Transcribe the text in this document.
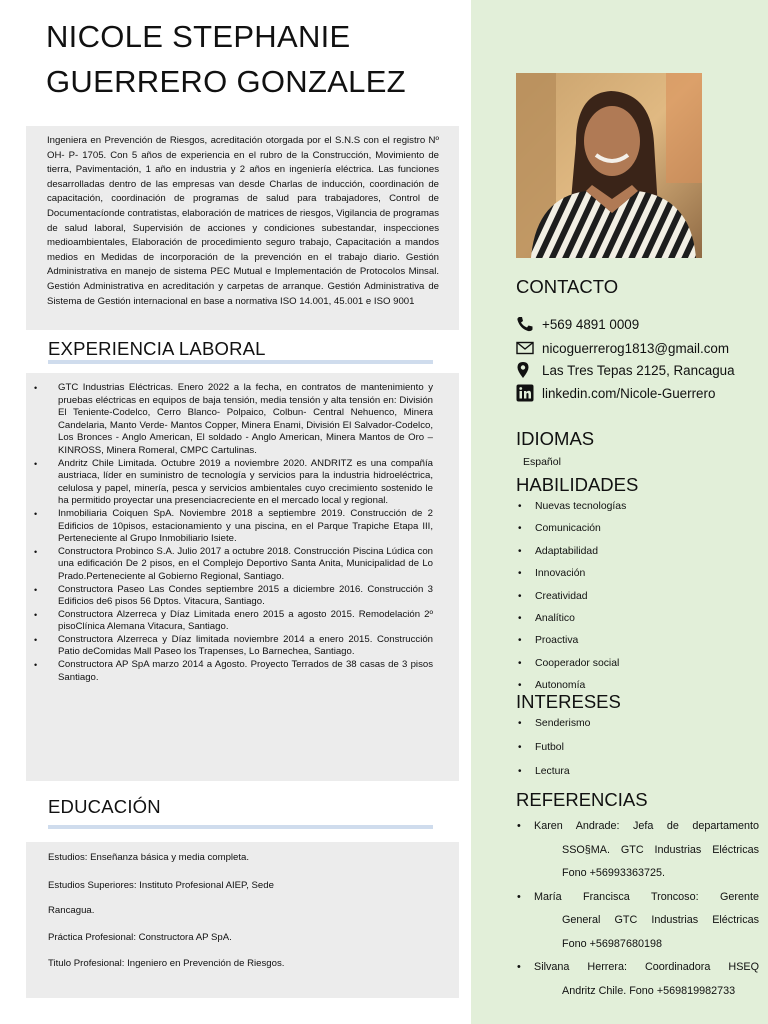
NICOLE STEPHANIE
GUERRERO GONZALEZ

Ingeniera en Prevención de Riesgos, acreditación otorgada por el S.N.S con el registro Nº OH- P- 1705. Con 5 años de experiencia en el rubro de la Construcción, Movimiento de tierra, Pavimentación, 1 año en industria y 2 años en ingeniería eléctrica. Las funciones desarrolladas dentro de las empresas van desde Charlas de inducción, coordinación de capacitación, coordinación de programas de salud para trabajadores, Control de Documentacíonde contratistas, elaboración de matrices de riesgos, Vigilancia de programas de salud laboral, Supervisión de acciones y condiciones subestandar, inspecciones medioambientales, Elaboración de procedimiento seguro trabajo, Capacitación a mandos medios en Medidas de incorporación de la prevención en el trabajo diario. Gestión Administrativa en manejo de sistema PEC Mutual e Implementación de Protocolos Minsal. Gestión Administrativa en acreditación y carpetas de arranque. Gestión Administrativa de Sistema de Gestión internacional en base a normativa ISO 14.001, 45.001 e ISO 9001

EXPERIENCIA LABORAL
• GTC Industrias Eléctricas. Enero 2022 a la fecha, en contratos de mantenimiento y pruebas eléctricas en equipos de baja tensión, media tensión y alta tensión en: División El Teniente-Codelco, Cerro Blanco- Polpaico, Colbun- Central Nehuenco, Minera Candelaria, Manto Verde- Mantos Copper, Minera Enami, División El Salvador-Codelco, Los Bronces - Anglo American, El soldado - Anglo American, Minera Mantos de Oro – KINROSS, Minera Romeral, CMPC Cartulinas.
• Andritz Chile Limitada. Octubre 2019 a noviembre 2020. ANDRITZ es una compañía austriaca, líder en suministro de tecnología y servicios para la industria hidroeléctrica, celulosa y papel, minería, pesca y servicios ambientales cuyo crecimiento sostenido le ha permitido proyectar una presenciacreciente en el mercado local y regional.
• Inmobiliaria Coiquen SpA. Noviembre 2018 a septiembre 2019. Construcción de 2 Edificios de 10pisos, estacionamiento y una piscina, en el Parque Trapiche Etapa III, Perteneciente al Grupo Inmobiliario Isiete.
• Constructora Probinco S.A. Julio 2017 a octubre 2018. Construcción Piscina Lúdica con una edificación De 2 pisos, en el Complejo Deportivo Santa Anita, Municipalidad de Lo Prado.Perteneciente al Gobierno Regional, Santiago.
• Constructora Paseo Las Condes septiembre 2015 a diciembre 2016. Construcción 3 Edificios de6 pisos 56 Dptos. Vitacura, Santiago.
• Constructora Alzerreca y Díaz Limitada enero 2015 a agosto 2015. Remodelación 2º pisoClínica Alemana Vitacura, Santiago.
• Constructora Alzerreca y Díaz limitada noviembre 2014 a enero 2015. Construcción Patio deComidas Mall Paseo los Trapenses, Lo Barnechea, Santiago.
• Constructora AP SpA marzo 2014 a Agosto. Proyecto Terrados de 38 casas de 3 pisos Santiago.
EDUCACIÓN

Estudios: Enseñanza básica y media completa.

Estudios Superiores: Instituto Profesional AIEP, Sede

Rancagua.

Práctica Profesional: Constructora AP SpA.

Titulo Profesional: Ingeniero en Prevención de Riesgos.

CONTACTO
+569 4891 0009
nicoguerrerog1813@gmail.com
Las Tres Tepas 2125, Rancagua
linkedin.com/Nicole-Guerrero
IDIOMAS
Español
HABILIDADES
• Nuevas tecnologías
• Comunicación
• Adaptabilidad
• Innovación
• Creatividad
• Analítico
• Proactiva
• Cooperador social
• Autonomía
INTERESES
• Senderismo
• Futbol
• Lectura
REFERENCIAS
• Karen Andrade: Jefa de departamento
SSO§MA. GTC Industrias Eléctricas
Fono +56993363725.
• María Francisca Troncoso: Gerente
General GTC Industrias Eléctricas
Fono +56987680198
• Silvana Herrera: Coordinadora HSEQ
Andritz Chile. Fono +569819982733
